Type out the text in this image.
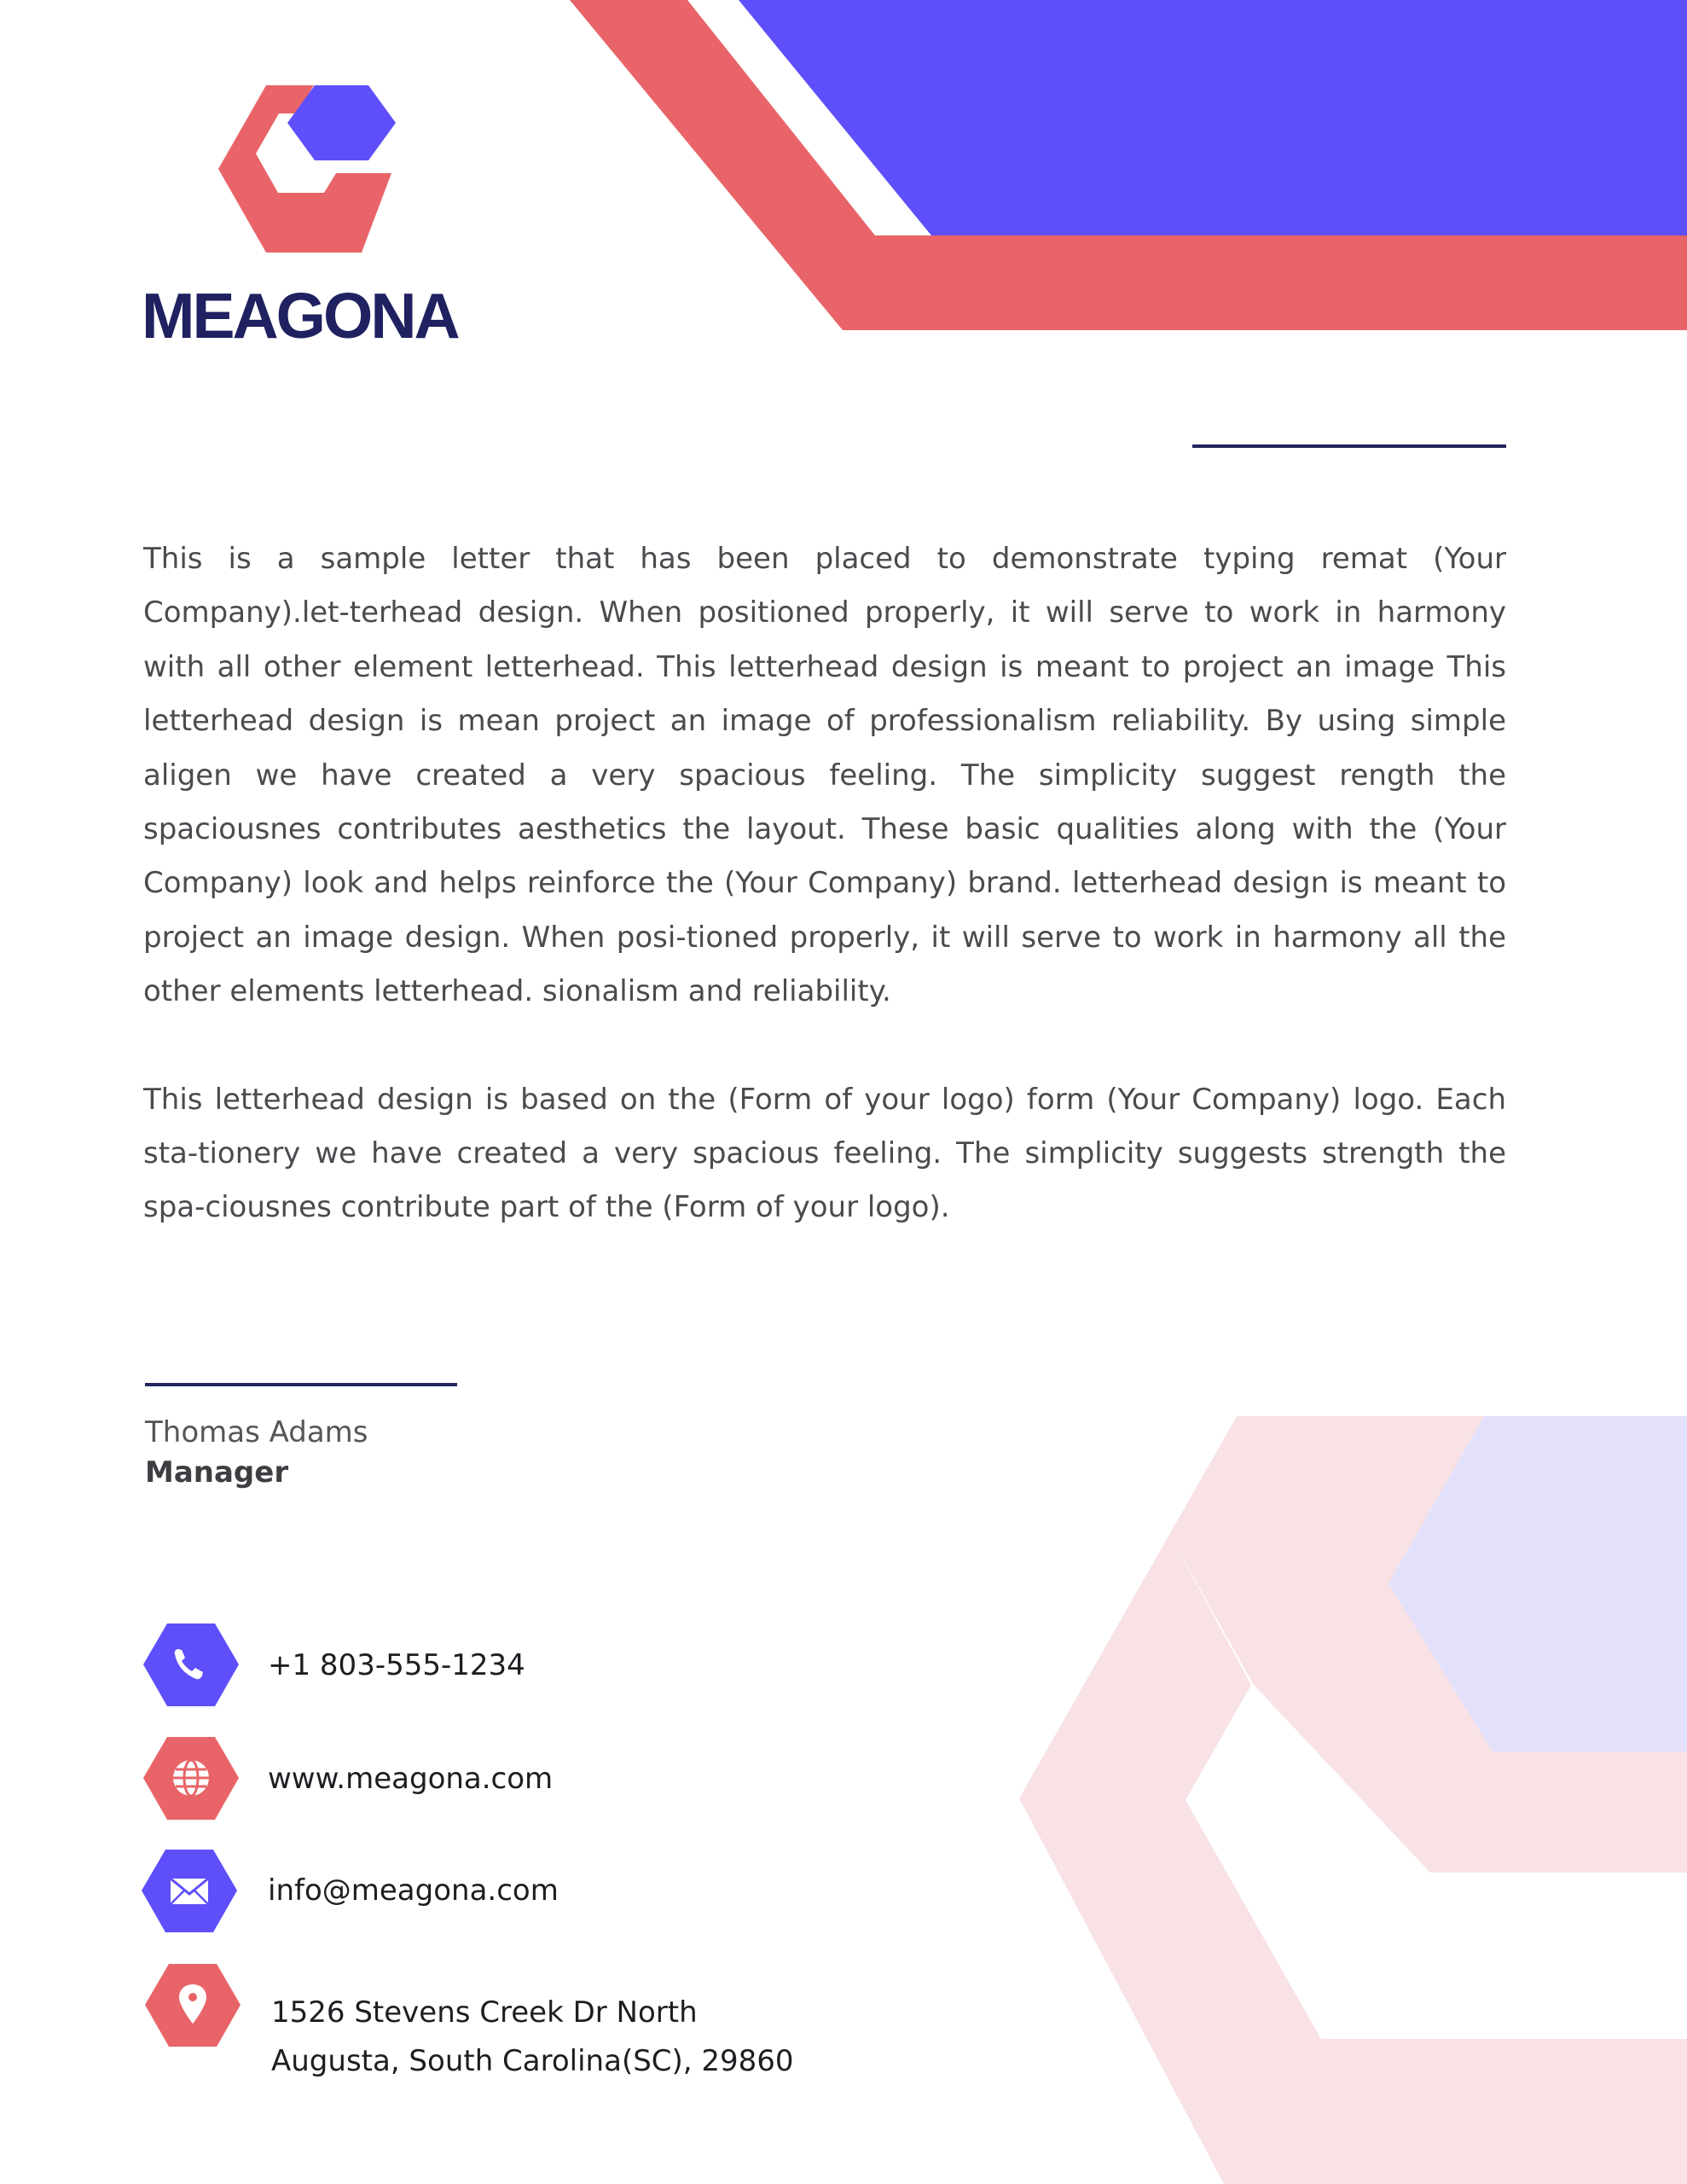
MEAGONA

This is a sample letter that has been placed to demonstrate typing remat (Your Company).let-terhead design. When positioned properly, it will serve to work in harmony with all other element letterhead. This letterhead design is meant to project an image This letterhead design is mean project an image of professionalism reliability. By using simple aligen we have created a very spacious feeling. The simplicity suggest rength the spaciousnes contributes aesthetics the layout. These basic qualities along with the (Your Company) look and helps reinforce the (Your Company) brand. letterhead design is meant to project an image design. When posi-tioned properly, it will serve to work in harmony all the other elements letterhead. sionalism and reliability.

This letterhead design is based on the (Form of your logo) form (Your Company) logo. Each sta-tionery we have created a very spacious feeling. The simplicity suggests strength the spa-ciousnes contribute part of the (Form of your logo).

Thomas Adams
Manager
+1 803-555-1234
www.meagona.com
info@meagona.com
1526 Stevens Creek Dr North
Augusta, South Carolina(SC), 29860
